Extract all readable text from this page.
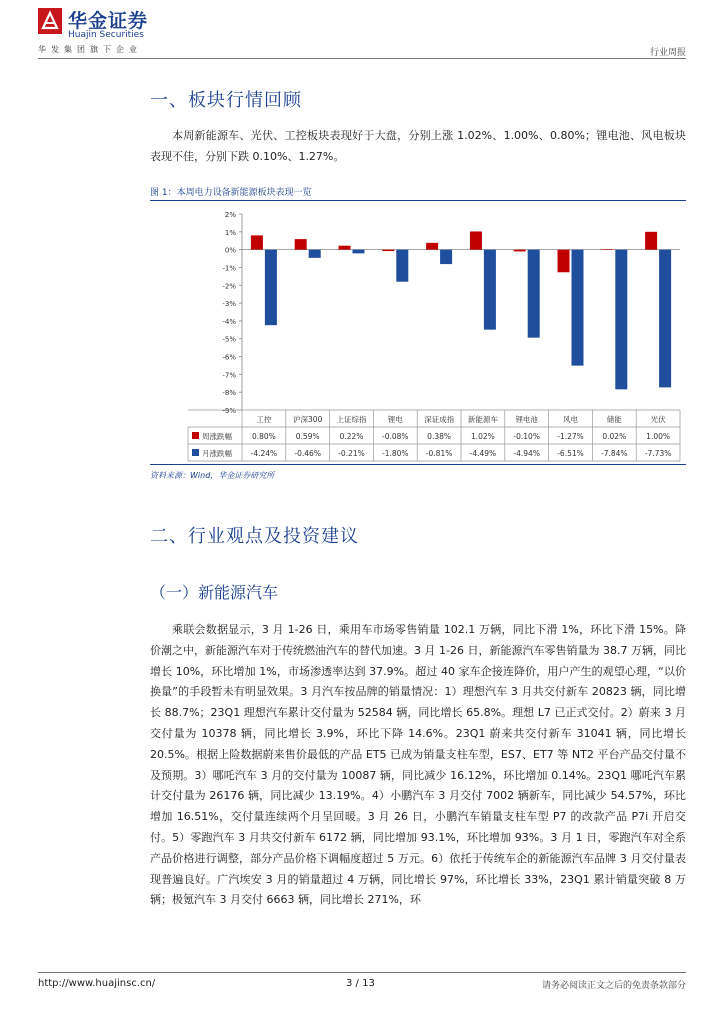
华金证券
Huajin Securities
华发集团旗下企业	行业周报
一、板块行情回顾

本周新能源车、光伏、工控板块表现好于大盘，分别上涨 1.02%、1.00%、0.80%；锂电池、风电板块表现不佳，分别下跌 0.10%、1.27%。

图 1：本周电力设备新能源板块表现一览
2%
1%
0%
-1%
-2%
-3%
-4%
-5%
-6%
-7%
-8%
-9%
工控	沪深300 上证综指	锂电	深证成指 新能源车 锂电池	风电	储能	光伏
周涨跌幅	0.80%	0.59%	0.22% -0.08% 0.38%	1.02% -0.10% -1.27% 0.02%	1.00%
月涨跌幅 -4.24% -0.46% -0.21% -1.80% -0.81% -4.49% -4.94% -6.51% -7.84% -7.73%
资料来源：Wind，华金证券研究所
二、行业观点及投资建议
（一）新能源汽车

乘联会数据显示，3 月 1-26 日，乘用车市场零售销量 102.1 万辆，同比下滑 1%，环比下滑 15%。降价潮之中，新能源汽车对于传统燃油汽车的替代加速。3 月 1-26 日，新能源汽车零售销量为 38.7 万辆，同比增长 10%，环比增加 1%，市场渗透率达到 37.9%。超过 40 家车企接连降价，用户产生的观望心理，“以价换量”的手段暂未有明显效果。3 月汽车按品牌的销量情况：1）理想汽车 3 月共交付新车 20823 辆，同比增长 88.7%；23Q1 理想汽车累计交付量为 52584 辆，同比增长 65.8%。理想 L7 已正式交付。2）蔚来 3 月交付量为 10378 辆，同比增长 3.9%，环比下降 14.6%。23Q1 蔚来共交付新车 31041 辆，同比增长 20.5%。根据上险数据蔚来售价最低的产品 ET5 已成为销量支柱车型，ES7、ET7 等 NT2 平台产品交付量不及预期。3）哪吒汽车 3 月的交付量为 10087 辆，同比减少 16.12%，环比增加 0.14%。23Q1 哪吒汽车累计交付量为 26176 辆，同比减少 13.19%。4）小鹏汽车 3 月交付 7002 辆新车，同比减少 54.57%，环比增加 16.51%，交付量连续两个月呈回暖。3 月 26 日，小鹏汽车销量支柱车型 P7 的改款产品 P7i 开启交付。5）零跑汽车 3 月共交付新车 6172 辆，同比增加 93.1%，环比增加 93%。3 月 1 日，零跑汽车对全系产品价格进行调整，部分产品价格下调幅度超过 5 万元。6）依托于传统车企的新能源汽车品牌 3 月交付量表现普遍良好。广汽埃安 3 月的销量超过 4 万辆，同比增长 97%，环比增长 33%，23Q1 累计销量突破 8 万辆；极氪汽车 3 月交付 6663 辆，同比增长 271%，环

http://www.huajinsc.cn/	3 / 13	请务必阅读正文之后的免责条款部分
